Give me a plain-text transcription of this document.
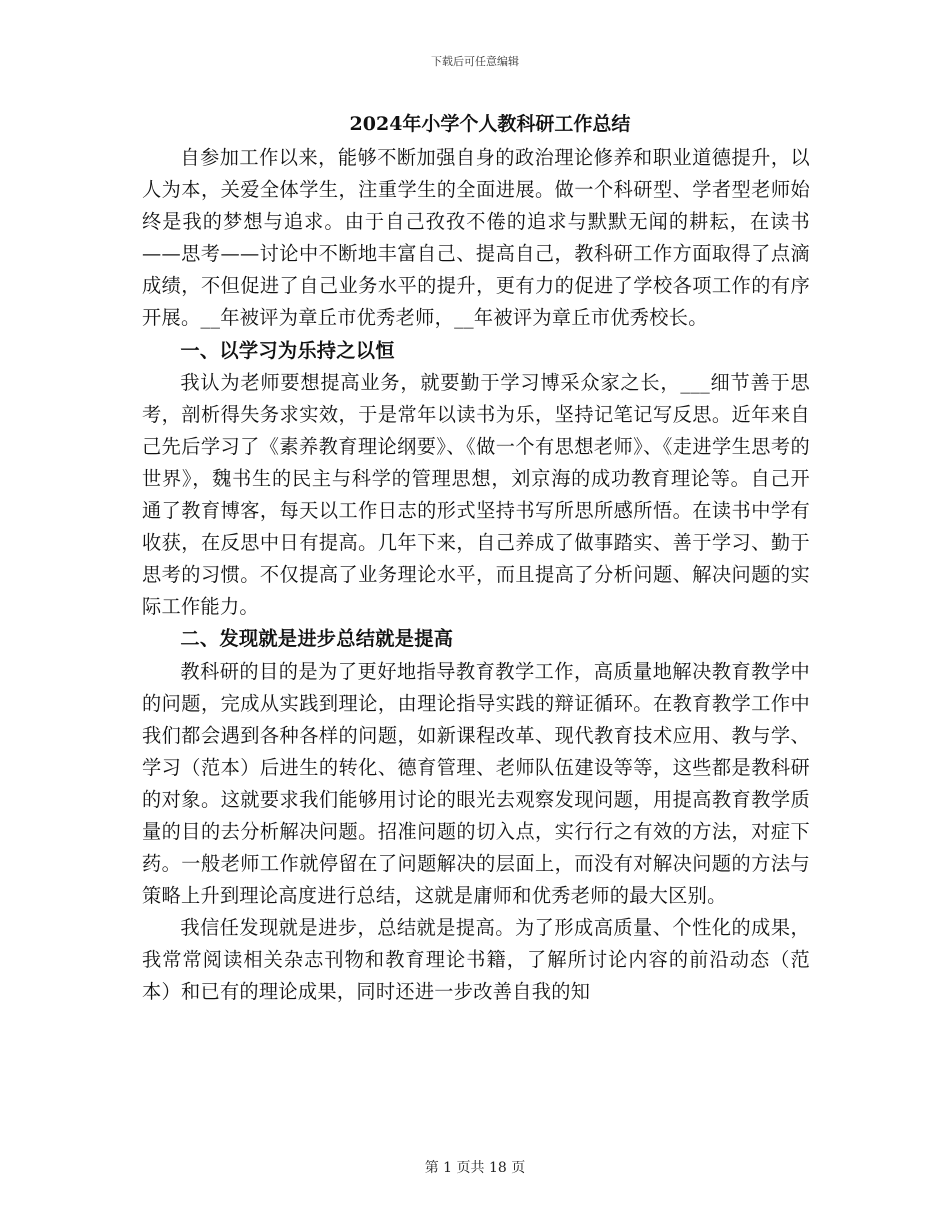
下载后可任意编辑
2024年小学个人教科研工作总结

自参加工作以来，能够不断加强自身的政治理论修养和职业道德提升，以人为本，关爱全体学生，注重学生的全面进展。做一个科研型、学者型老师始终是我的梦想与追求。由于自己孜孜不倦的追求与默默无闻的耕耘，在读书——思考——讨论中不断地丰富自己、提高自己，教科研工作方面取得了点滴成绩，不但促进了自己业务水平的提升，更有力的促进了学校各项工作的有序开展。__年被评为章丘市优秀老师，__年被评为章丘市优秀校长。

一、以学习为乐持之以恒

我认为老师要想提高业务，就要勤于学习博采众家之长，___细节善于思考，剖析得失务求实效，于是常年以读书为乐，坚持记笔记写反思。近年来自己先后学习了《素养教育理论纲要》、《做一个有思想老师》、《走进学生思考的世界》，魏书生的民主与科学的管理思想，刘京海的成功教育理论等。自己开通了教育博客，每天以工作日志的形式坚持书写所思所感所悟。在读书中学有收获，在反思中日有提高。几年下来，自己养成了做事踏实、善于学习、勤于思考的习惯。不仅提高了业务理论水平，而且提高了分析问题、解决问题的实际工作能力。

二、发现就是进步总结就是提高

教科研的目的是为了更好地指导教育教学工作，高质量地解决教育教学中的问题，完成从实践到理论，由理论指导实践的辩证循环。在教育教学工作中我们都会遇到各种各样的问题，如新课程改革、现代教育技术应用、教与学、学习（范本）后进生的转化、德育管理、老师队伍建设等等，这些都是教科研的对象。这就要求我们能够用讨论的眼光去观察发现问题，用提高教育教学质量的目的去分析解决问题。招准问题的切入点，实行行之有效的方法，对症下药。一般老师工作就停留在了问题解决的层面上，而没有对解决问题的方法与策略上升到理论高度进行总结，这就是庸师和优秀老师的最大区别。

我信任发现就是进步，总结就是提高。为了形成高质量、个性化的成果，我常常阅读相关杂志刊物和教育理论书籍，了解所讨论内容的前沿动态（范本）和已有的理论成果，同时还进一步改善自我的知

第 1 页共 18 页
